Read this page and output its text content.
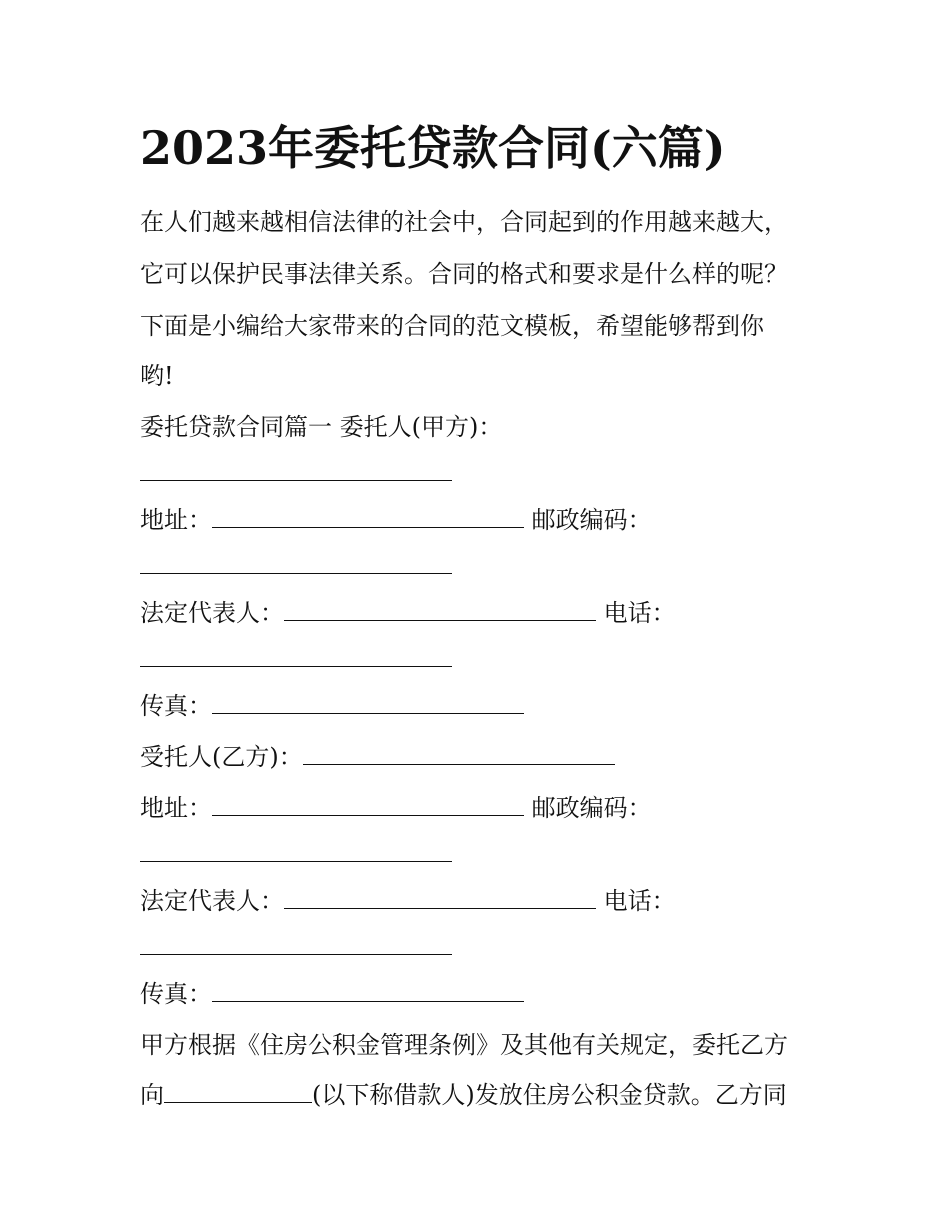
2023年委托贷款合同(六篇)

在人们越来越相信法律的社会中，合同起到的作用越来越大，

它可以保护民事法律关系。合同的格式和要求是什么样的呢？

下面是小编给大家带来的合同的范文模板，希望能够帮到你

哟!

委托贷款合同篇一 委托人(甲方)：

地址：	邮政编码：

法定代表人：	电话：

传真：

受托人(乙方)：

地址：	邮政编码：

法定代表人：	电话：

传真：

甲方根据《住房公积金管理条例》及其他有关规定，委托乙方

向	(以下称借款人)发放住房公积金贷款。乙方同
